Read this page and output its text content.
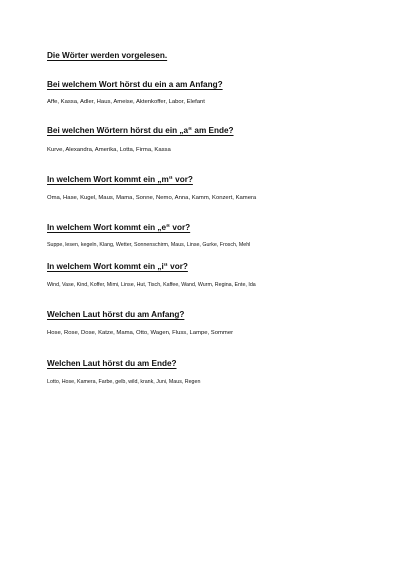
Die Wörter werden vorgelesen.
Bei welchem Wort hörst du ein a am Anfang?

Affe, Kassa, Adler, Haus, Ameise, Aktenkoffer, Labor, Elefant

Bei welchen Wörtern hörst du ein „a“ am Ende?

Kurve, Alexandra, Amerika, Lotta, Firma, Kassa

In welchem Wort kommt ein „m“ vor?

Oma, Hase, Kugel, Maus, Mama, Sonne, Nemo, Anna, Kamm, Konzert, Kamera

In welchem Wort kommt ein „e“ vor?

Suppe, lesen, kegeln, Klang, Wetter, Sonnenschirm, Maus, Linse, Gurke, Frosch, Mehl

In welchem Wort kommt ein „i“ vor?

Wind, Vase, Kind, Koffer, Mimi, Linse, Hut, Tisch, Kaffee, Wand, Wurm, Regina, Ente, Ida

Welchen Laut hörst du am Anfang?

Hose, Rose, Dose, Katze, Mama, Otto, Wagen, Fluss, Lampe, Sommer

Welchen Laut hörst du am Ende?

Lotto, Hose, Kamera, Farbe, gelb, wild, krank, Juni, Maus, Regen
